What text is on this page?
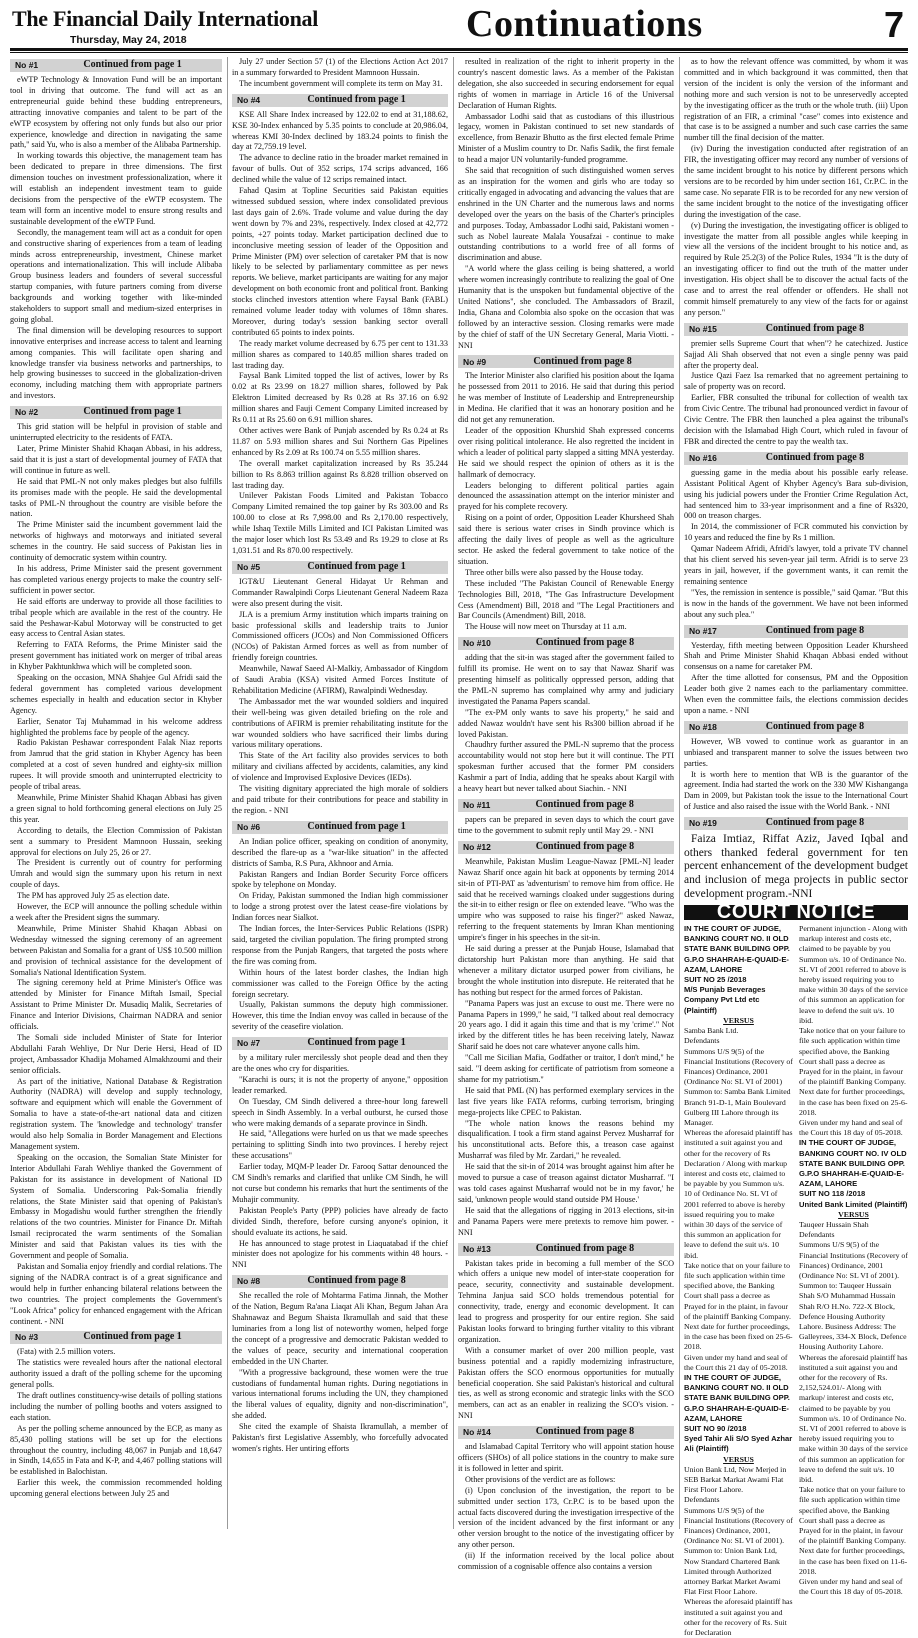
The Financial Daily International
Thursday, May 24, 2018	Continuations	7
No #1	Continued from page 1

eWTP Technology & Innovation Fund will be an important tool in driving that outcome. The fund will act as an entrepreneurial guide behind these budding entrepreneurs, attracting innovative companies and talent to be part of the eWTP ecosystem by offering not only funds but also our prior experience, knowledge and direction in navigating the same path," said Yu, who is also a member of the Alibaba Partnership.

In working towards this objective, the management team has been dedicated to prepare in three dimensions. The first dimension touches on investment professionalization, where it will establish an independent investment team to guide decisions from the perspective of the eWTP ecosystem. The team will form an incentive model to ensure strong results and sustainable development of the eWTP Fund.

Secondly, the management team will act as a conduit for open and constructive sharing of experiences from a team of leading minds across entrepreneurship, investment, Chinese market operations and internationalization. This will include Alibaba Group business leaders and founders of several successful startup companies, with future partners coming from diverse backgrounds and working together with like-minded stakeholders to support small and medium-sized enterprises in going global.

The final dimension will be developing resources to support innovative enterprises and increase access to talent and learning among companies. This will facilitate open sharing and knowledge transfer via business networks and partnerships, to help growing businesses to succeed in the globalization-driven economy, including matching them with appropriate partners and investors.

No #2	Continued from page 1

This grid station will be helpful in provision of stable and uninterrupted electricity to the residents of FATA.

Later, Prime Minister Shahid Khaqan Abbasi, in his address, said that it is just a start of developmental journey of FATA that will continue in future as well.

He said that PML-N not only makes pledges but also fulfills its promises made with the people. He said the developmental tasks of PML-N throughout the country are visible before the nation.

The Prime Minister said the incumbent government laid the networks of highways and motorways and initiated several schemes in the country. He said success of Pakistan lies in continuity of democratic system within country.

In his address, Prime Minister said the present government has completed various energy projects to make the country self-sufficient in power sector.

He said efforts are underway to provide all those facilities to tribal people which are available in the rest of the country. He said the Peshawar-Kabul Motorway will be constructed to get easy access to Central Asian states.

Referring to FATA Reforms, the Prime Minister said the present government has initiated work on merger of tribal areas in Khyber Pakhtunkhwa which will be completed soon.

Speaking on the occasion, MNA Shahjee Gul Afridi said the federal government has completed various development schemes especially in health and education sector in Khyber Agency.

Earlier, Senator Taj Muhammad in his welcome address highlighted the problems face by people of the agency.

Radio Pakistan Peshawar correspondent Falak Niaz reports from Jamrud that the grid station in Khyber Agency has been completed at a cost of seven hundred and eighty-six million rupees. It will provide smooth and uninterrupted electricity to people of tribal areas.

Meanwhile, Prime Minister Shahid Khaqan Abbasi has given a green signal to hold forthcoming general elections on July 25 this year.

According to details, the Election Commission of Pakistan sent a summary to President Mamnoon Hussain, seeking approval for elections on July 25, 26 or 27.

The President is currently out of country for performing Umrah and would sign the summary upon his return in next couple of days.

The PM has approved July 25 as election date.

However, the ECP will announce the polling schedule within a week after the President signs the summary.

Meanwhile, Prime Minister Shahid Khaqan Abbasi on Wednesday witnessed the signing ceremony of an agreement between Pakistan and Somalia for a grant of US$ 10.500 million and provision of technical assistance for the development of Somalia's National Identification System.

The signing ceremony held at Prime Minister's Office was attended by Minister for Finance Miftah Ismail, Special Assistant to Prime Minister Dr. Musadiq Malik, Secretaries of Finance and Interior Divisions, Chairman NADRA and senior officials.

The Somali side included Minister of State for Interior Abdullahi Farah Wehliye, Dr Nur Derie Hersi, Head of ID project, Ambassador Khadija Mohamed Almakhzoumi and their senior officials.

As part of the initiative, National Database & Registration Authority (NADRA) will develop and supply technology, software and equipment which will enable the Government of Somalia to have a state-of-the-art national data and citizen registration system. The 'knowledge and technology' transfer would also help Somalia in Border Management and Elections Management system.

Speaking on the occasion, the Somalian State Minister for Interior Abdullahi Farah Wehliye thanked the Government of Pakistan for its assistance in development of National ID System of Somalia. Underscoring Pak-Somalia friendly relations, the State Minister said that opening of Pakistan's Embassy in Mogadishu would further strengthen the friendly relations of the two countries. Minister for Finance Dr. Miftah Ismail reciprocated the warm sentiments of the Somalian Minister and said that Pakistan values its ties with the Government and people of Somalia.

Pakistan and Somalia enjoy friendly and cordial relations. The signing of the NADRA contract is of a great significance and would help in further enhancing bilateral relations between the two countries. The project complements the Government's "Look Africa" policy for enhanced engagement with the African continent. - NNI

No #3	Continued from page 1

(Fata) with 2.5 million voters.

The statistics were revealed hours after the national electoral authority issued a draft of the polling scheme for the upcoming general polls.

The draft outlines constituency-wise details of polling stations including the number of polling booths and voters assigned to each station.

As per the polling scheme announced by the ECP, as many as 85,430 polling stations will be set up for the elections throughout the country, including 48,067 in Punjab and 18,647 in Sindh, 14,655 in Fata and K-P, and 4,467 polling stations will be established in Balochistan.

Earlier this week, the commission recommended holding upcoming general elections between July 25 and

July 27 under Section 57 (1) of the Elections Action Act 2017 in a summary forwarded to President Mamnoon Hussain.

The incumbent government will complete its term on May 31.

No #4	Continued from page 1

KSE All Share Index increased by 122.02 to end at 31,188.62, KSE 30-Index enhanced by 5.35 points to conclude at 20,986.04, whereas KMI 30-Index declined by 183.24 points to finish the day at 72,759.19 level.

The advance to decline ratio in the broader market remained in favour of bulls. Out of 352 scrips, 174 scrips advanced, 166 declined while the value of 12 scrips remained intact.

Fahad Qasim at Topline Securities said Pakistan equities witnessed subdued session, where index consolidated previous last days gain of 2.6%. Trade volume and value during the day went down by 7% and 23%, respectively. Index closed at 42,772 points, +27 points today. Market participation declined due to inconclusive meeting session of leader of the Opposition and Prime Minister (PM) over selection of caretaker PM that is now likely to be selected by parliamentary committee as per news reports. We believe, market participants are waiting for any major development on both economic front and political front. Banking stocks clinched investors attention where Faysal Bank (FABL) remained volume leader today with volumes of 18mn shares. Moreover, during today's session banking sector overall contributed 65 points to index points.

The ready market volume decreased by 6.75 per cent to 131.33 million shares as compared to 140.85 million shares traded on last trading day.

Faysal Bank Limited topped the list of actives, lower by Rs 0.02 at Rs 23.99 on 18.27 million shares, followed by Pak Elektron Limited decreased by Rs 0.28 at Rs 37.16 on 6.92 million shares and Fauji Cement Company Limited increased by Rs 0.11 at Rs 25.60 on 6.91 million shares.

Other actives were Bank of Punjab ascended by Rs 0.24 at Rs 11.87 on 5.93 million shares and Sui Northern Gas Pipelines enhanced by Rs 2.09 at Rs 100.74 on 5.55 million shares.

The overall market capitalization increased by Rs 35.244 billion to Rs 8.863 trillion against Rs 8.828 trillion observed on last trading day.

Unilever Pakistan Foods Limited and Pakistan Tobacco Company Limited remained the top gainer by Rs 303.00 and Rs 100.00 to close at Rs 7,998.00 and Rs 2,170.00 respectively, while Ishaq Textile Mills Limited and ICI Pakistan Limited was the major loser which lost Rs 53.49 and Rs 19.29 to close at Rs 1,031.51 and Rs 870.00 respectively.

No #5	Continued from page 1

IGT&U Lieutenant General Hidayat Ur Rehman and Commander Rawalpindi Corps Lieutenant General Nadeem Raza were also present during the visit.

JLA is a premium Army institution which imparts training on basic professional skills and leadership traits to Junior Commissioned officers (JCOs) and Non Commissioned Officers (NCOs) of Pakistan Armed forces as well as from number of friendly foreign countries.

Meanwhile, Nawaf Saeed Al-Malkiy, Ambassador of Kingdom of Saudi Arabia (KSA) visited Armed Forces Institute of Rehabilitation Medicine (AFIRM), Rawalpindi Wednesday.

The Ambassador met the war wounded soldiers and inquired their well-being was given detailed briefing on the role and contributions of AFIRM is premier rehabilitating institute for the war wounded soldiers who have sacrificed their limbs during various military operations.

This State of the Art facility also provides services to both military and civilians affected by accidents, calamities, any kind of violence and Improvised Explosive Devices (IEDs).

The visiting dignitary appreciated the high morale of soldiers and paid tribute for their contributions for peace and stability in the region. - NNI

No #6	Continued from page 1

An Indian police officer, speaking on condition of anonymity, described the flare-up as a "war-like situation" in the affected districts of Samba, R.S Pura, Akhnoor and Arnia.

Pakistan Rangers and Indian Border Security Force officers spoke by telephone on Monday.

On Friday, Pakistan summoned the Indian high commissioner to lodge a strong protest over the latest cease-fire violations by Indian forces near Sialkot.

The Indian forces, the Inter-Services Public Relations (ISPR) said, targeted the civilian population. The firing prompted strong response from the Punjab Rangers, that targeted the posts where the fire was coming from.

Within hours of the latest border clashes, the Indian high commissioner was called to the Foreign Office by the acting foreign secretary.

Usually, Pakistan summons the deputy high commissioner. However, this time the Indian envoy was called in because of the severity of the ceasefire violation.

No #7	Continued from page 1

by a military ruler mercilessly shot people dead and then they are the ones who cry for disparities.

"Karachi is ours; it is not the property of anyone," opposition leader remarked.

On Tuesday, CM Sindh delivered a three-hour long farewell speech in Sindh Assembly. In a verbal outburst, he cursed those who were making demands of a separate province in Sindh.

He said, "Allegations were hurled on us that we made speeches pertaining to splitting Sindh into two provinces. I hereby reject these accusations"

Earlier today, MQM-P leader Dr. Farooq Sattar denounced the CM Sindh's remarks and clarified that unlike CM Sindh, he will not curse but condemn his remarks that hurt the sentiments of the Muhajir community.

Pakistan People's Party (PPP) policies have already de facto divided Sindh, therefore, before cursing anyone's opinion, it should evaluate its actions, he said.

He has announced to stage protest in Liaquatabad if the chief minister does not apologize for his comments within 48 hours. - NNI

No #8	Continued from page 8

She recalled the role of Mohtarma Fatima Jinnah, the Mother of the Nation, Begum Ra'ana Liaqat Ali Khan, Begum Jahan Ara Shahnawaz and Begum Shaista Ikramullah and said that these luminaries from a long list of noteworthy women, helped forge the concept of a progressive and democratic Pakistan wedded to the values of peace, security and international cooperation embedded in the UN Charter.

"With a progressive background, these women were the true custodians of fundamental human rights. During negotiations in various international forums including the UN, they championed the liberal values of equality, dignity and non-discrimination", she added.

She cited the example of Shaista Ikramullah, a member of Pakistan's first Legislative Assembly, who forcefully advocated women's rights. Her untiring efforts

resulted in realization of the right to inherit property in the country's nascent domestic laws. As a member of the Pakistan delegation, she also succeeded in securing endorsement for equal rights of women in marriage in Article 16 of the Universal Declaration of Human Rights.

Ambassador Lodhi said that as custodians of this illustrious legacy, women in Pakistan continued to set new standards of excellence, from Benazir Bhutto as the first elected female Prime Minister of a Muslim country to Dr. Nafis Sadik, the first female to head a major UN voluntarily-funded programme.

She said that recognition of such distinguished women serves as an inspiration for the women and girls who are today so critically engaged in advocating and advancing the values that are enshrined in the UN Charter and the numerous laws and norms developed over the years on the basis of the Charter's principles and purposes. Today, Ambassador Lodhi said, Pakistani women - such as Nobel laureate Malala Yousafzai - continue to make outstanding contributions to a world free of all forms of discrimination and abuse.

"A world where the glass ceiling is being shattered, a world where women increasingly contribute to realizing the goal of One Humanity that is the unspoken but fundamental objective of the United Nations", she concluded. The Ambassadors of Brazil, India, Ghana and Colombia also spoke on the occasion that was followed by an interactive session. Closing remarks were made by the chief of staff of the UN Secretary General, Maria Viotti. - NNI

No #9	Continued from page 8

The Interior Minister also clarified his position about the Iqama he possessed from 2011 to 2016. He said that during this period he was member of Institute of Leadership and Entrepreneurship in Medina. He clarified that it was an honorary position and he did not get any remuneration.

Leader of the opposition Khurshid Shah expressed concerns over rising political intolerance. He also regretted the incident in which a leader of political party slapped a sitting MNA yesterday. He said we should respect the opinion of others as it is the hallmark of democracy.

Leaders belonging to different political parties again denounced the assassination attempt on the interior minister and prayed for his complete recovery.

Rising on a point of order, Opposition Leader Khursheed Shah said there is serious water crises in Sindh province which is affecting the daily lives of people as well as the agriculture sector. He asked the federal government to take notice of the situation.

Three other bills were also passed by the House today.

These included "The Pakistan Council of Renewable Energy Technologies Bill, 2018, "The Gas Infrastructure Development Cess (Amendment) Bill, 2018 and "The Legal Practitioners and Bar Councils (Amendment) Bill, 2018.

The House will now meet on Thursday at 11 a.m.

No #10	Continued from page 8

adding that the sit-in was staged after the government failed to fulfill its promise. He went on to say that Nawaz Sharif was presenting himself as politically oppressed person, adding that the PML-N supremo has complained why army and judiciary investigated the Panama Papers scandal.

"The ex-PM only wants to save his property," he said and added Nawaz wouldn't have sent his Rs300 billion abroad if he loved Pakistan.

Chaudhry further assured the PML-N supremo that the process accountability would not stop here but it will continue. The PTI spokesman further accused that the former PM considers Kashmir a part of India, adding that he speaks about Kargil with a heavy heart but never talked about Siachin. - NNI

No #11	Continued from page 8

papers can be prepared in seven days to which the court gave time to the government to submit reply until May 29. - NNI

No #12	Continued from page 8

Meanwhile, Pakistan Muslim League-Nawaz [PML-N] leader Nawaz Sharif once again hit back at opponents by terming 2014 sit-in of PTI-PAT as 'adventurism' to remove him from office. He said that he received warnings cloaked under suggestions during the sit-in to either resign or flee on extended leave. "Who was the umpire who was supposed to raise his finger?" asked Nawaz, referring to the frequent statements by Imran Khan mentioning umpire's finger in his speeches in the sit-in.

He said during a presser at the Punjab House, Islamabad that dictatorship hurt Pakistan more than anything. He said that whenever a military dictator usurped power from civilians, he brought the whole institution into disrepute. He reiterated that he has nothing but respect for the armed forces of Pakistan.

"Panama Papers was just an excuse to oust me. There were no Panama Papers in 1999," he said, "I talked about real democracy 20 years ago. I did it again this time and that is my 'crime'." Not irked by the different titles he has been receiving lately, Nawaz Sharif said he does not care whatever anyone calls him.

"Call me Sicilian Mafia, Godfather or traitor, I don't mind," he said. "I deem asking for certificate of patriotism from someone a shame for my patriotism."

He said that PML (N) has performed exemplary services in the last five years like FATA reforms, curbing terrorism, bringing mega-projects like CPEC to Pakistan.

"The whole nation knows the reasons behind my disqualification. I took a firm stand against Pervez Musharraf for his unconstitutional acts. Before this, a treason case against Musharraf was filed by Mr. Zardari," he revealed.

He said that the sit-in of 2014 was brought against him after he moved to pursue a case of treason against dictator Musharraf. "I was told cases against Musharraf would not be in my favor,' he said, 'unknown people would stand outside PM House.'

He said that the allegations of rigging in 2013 elections, sit-in and Panama Papers were mere pretexts to remove him power. - NNI

No #13	Continued from page 8

Pakistan takes pride in becoming a full member of the SCO which offers a unique new model of inter-state cooperation for peace, security, connectivity and sustainable development. Tehmina Janjua said SCO holds tremendous potential for connectivity, trade, energy and economic development. It can lead to progress and prosperity for our entire region. She said Pakistan looks forward to bringing further vitality to this vibrant organization.

With a consumer market of over 200 million people, vast business potential and a rapidly modernizing infrastructure, Pakistan offers the SCO enormous opportunities for mutually beneficial cooperation. She said Pakistan's historical and cultural ties, as well as strong economic and strategic links with the SCO members, can act as an enabler in realizing the SCO's vision. - NNI

No #14	Continued from page 8

and Islamabad Capital Territory who will appoint station house officers (SHOs) of all police stations in the country to make sure it is followed in letter and spirit.

Other provisions of the verdict are as follows:

(i) Upon conclusion of the investigation, the report to be submitted under section 173, Cr.P.C is to be based upon the actual facts discovered during the investigation irrespective of the version of the incident advanced by the first informant or any other version brought to the notice of the investigating officer by any other person.

(ii) If the information received by the local police about commission of a cognisable offence also contains a version

as to how the relevant offence was committed, by whom it was committed and in which background it was committed, then that version of the incident is only the version of the informant and nothing more and such version is not to be unreservedly accepted by the investigating officer as the truth or the whole truth. (iii) Upon registration of an FIR, a criminal "case" comes into existence and that case is to be assigned a number and such case carries the same number till the final decision of the matter.

(iv) During the investigation conducted after registration of an FIR, the investigating officer may record any number of versions of the same incident brought to his notice by different persons which versions are to be recorded by him under section 161, Cr.P.C. in the same case. No separate FIR is to be recorded for any new version of the same incident brought to the notice of the investigating officer during the investigation of the case.

(v) During the investigation, the investigating officer is obliged to investigate the matter from all possible angles while keeping in view all the versions of the incident brought to his notice and, as required by Rule 25.2(3) of the Police Rules, 1934 "It is the duty of an investigating officer to find out the truth of the matter under investigation. His object shall be to discover the actual facts of the case and to arrest the real offender or offenders. He shall not commit himself prematurely to any view of the facts for or against any person."

No #15	Continued from page 8

premier sells Supreme Court that when"? he catechized. Justice Sajjad Ali Shah observed that not even a single penny was paid after the property deal.

Justice Qazi Faez Isa remarked that no agreement pertaining to sale of property was on record.

Earlier, FBR consulted the tribunal for collection of wealth tax from Civic Centre. The tribunal had pronounced verdict in favour of Civic Centre. The FBR then launched a plea against the tribunal's decision with the Islamabad High Court, which ruled in favour of FBR and directed the centre to pay the wealth tax.

No #16	Continued from page 8

guessing game in the media about his possible early release. Assistant Political Agent of Khyber Agency's Bara sub-division, using his judicial powers under the Frontier Crime Regulation Act, had sentenced him to 33-year imprisonment and a fine of Rs320, 000 on treason charges.

In 2014, the commissioner of FCR commuted his conviction by 10 years and reduced the fine by Rs 1 million.

Qamar Nadeem Afridi, Afridi's lawyer, told a private TV channel that his client served his seven-year jail term. Afridi is to serve 23 years in jail, however, if the government wants, it can remit the remaining sentence

"Yes, the remission in sentence is possible," said Qamar. "But this is now in the hands of the government. We have not been informed about any such plea."

No #17	Continued from page 8

Yesterday, fifth meeting between Opposition Leader Khursheed Shah and Prime Minister Shahid Khaqan Abbasi ended without consensus on a name for caretaker PM.

After the time allotted for consensus, PM and the Opposition Leader both give 2 names each to the parliamentary committee. When even the committee fails, the elections commission decides upon a name. - NNI

No #18	Continued from page 8

However, WB vowed to continue work as guarantor in an unbiased and transparent manner to solve the issues between two parties.

It is worth here to mention that WB is the guarantor of the agreement. India had started the work on the 330 MW Kishanganga Dam in 2009, but Pakistan took the issue to the International Court of Justice and also raised the issue with the World Bank. - NNI

No #19	Continued from page 8

Faiza Imtiaz, Riffat Aziz, Javed Iqbal and others thanked federal government for ten percent enhancement of the development budget and inclusion of mega projects in public sector development program.-NNI

COURT NOTICE

IN THE COURT OF JUDGE, BANKING COURT NO. II OLD STATE BANK BUILDING OPP. G.P.O SHAHRAH-E-QUAID-E-AZAM, LAHORE

SUIT NO 25 /2018

M/S Punjab Beverages Company Pvt Ltd etc (Plaintiff)

VERSUS

Samba Bank Ltd.

Defendants

Summons U/S 9(5) of the Financial Institutions (Recovery of Finances) Ordinance, 2001 (Ordinance No: SL VI of 2001)

Summon to: Samba Bank Limited Branch 91-D-1, Main Boulevard Gulberg III Lahore through its Manager.

Whereas the aforesaid plaintiff has instituted a suit against you and other for the recovery of Rs Declaration / Along with markup interest and costs etc, claimed to be payable by you Summon u/s. 10 of Ordinance No. SL VI of 2001 referred to above is hereby issued requiring you to make within 30 days of the service of this summon an application for leave to defend the suit u/s. 10 ibid.

Take notice that on your failure to file such application within time specified above, the Banking Court shall pass a decree as Prayed for in the plaint, in favour of the plaintiff Banking Company.

Next date for further proceedings, in the case has been fixed on 25-6-2018.

Given under my hand and seal of the Court this 21 day of 05-2018.

IN THE COURT OF JUDGE, BANKING COURT NO. II OLD STATE BANK BUILDING OPP. G.P.O SHAHRAH-E-QUAID-E-AZAM, LAHORE

SUIT NO 90 /2018

Syed Tahir Ali S/O Syed Azhar Ali (Plaintiff)

VERSUS

Union Bank Ltd, Now Merjed in SEB Barkat Markat Awami Flat First Floor Lahore.

Defendants

Summons U/S 9(5) of the Financial Institutions (Recovery of Finances) Ordinance, 2001, (Ordinance No: SL VI of 2001).

Summon to: Union Bank Ltd, Now Standard Chartered Bank Limited through Authorized attorney Barkat Market Awami Flat First Floor Lahore.

Whereas the aforesaid plaintiff has instituted a suit against you and other for the recovery of Rs. Suit for Declaration

Permanent injunction - Along with markup interest and costs etc, claimed to be payable by you Summon u/s. 10 of Ordinance No. SL VI of 2001 referred to above is hereby issued requiring you to make within 30 days of the service of this summon an application for leave to defend the suit u/s. 10 ibid.

Take notice that on your failure to file such application within time specified above, the Banking Court shall pass a decree as Prayed for in the plaint, in favour of the plaintiff Banking Company.

Next date for further proceedings, in the case has been fixed on 25-6-2018.

Given under my hand and seal of the Court this 18 day of 05-2018.

IN THE COURT OF JUDGE, BANKING COURT NO. IV OLD STATE BANK BUILDING OPP. G.P.O SHAHRAH-E-QUAID-E-AZAM, LAHORE

SUIT NO 118 /2018

United Bank Limited (Plaintiff)

VERSUS

Tauqeer Hussain Shah

Defendants

Summons U/S 9(5) of the Financial Institutions (Recovery of Finances) Ordinance, 2001 (Ordinance No: SL VI of 2001).

Summon to: Tauqeer Hussain Shah S/O Muhammad Hussain Shah R/O H.No. 722-X Block, Defence Housing Authority Lahore. Business Address: The Galleyrees, 334-X Block, Defence Housing Authority Lahore.

Whereas the aforesaid plaintiff has instituted a suit against you and other for the recovery of Rs. 2,152,524.01/- Along with markup/ interest and costs etc, claimed to be payable by you Summon u/s. 10 of Ordinance No. SL VI of 2001 referred to above is hereby issued requiring you to make within 30 days of the service of this summon an application for leave to defend the suit u/s. 10 ibid.

Take notice that on your failure to file such application within time specified above, the Banking Court shall pass a decree as Prayed for in the plaint, in favour of the plaintiff Banking Company.

Next date for further proceedings, in the case has been fixed on 11-6-2018.

Given under my hand and seal of the Court this 18 day of 05-2018.
